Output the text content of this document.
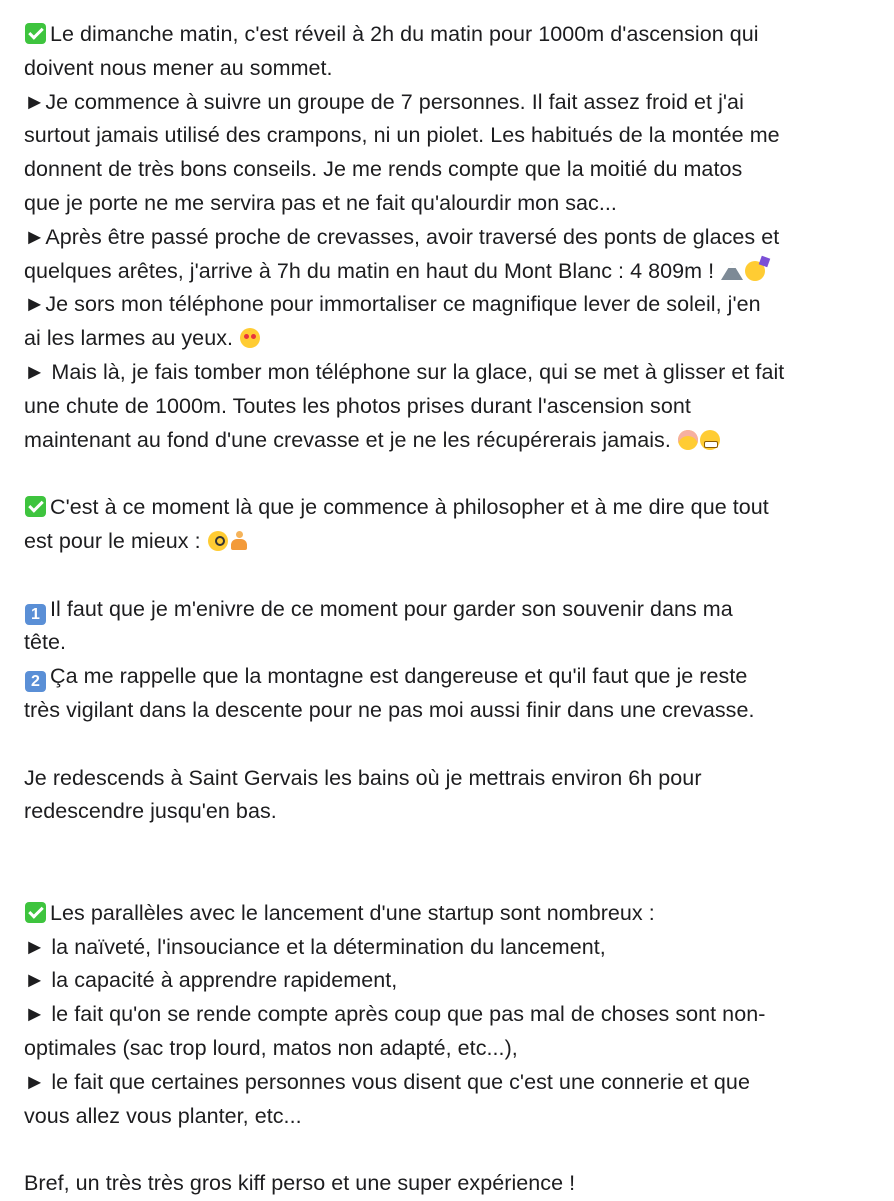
Le dimanche matin, c'est réveil à 2h du matin pour 1000m d'ascension qui
doivent nous mener au sommet.
►Je commence à suivre un groupe de 7 personnes. Il fait assez froid et j'ai
surtout jamais utilisé des crampons, ni un piolet. Les habitués de la montée me
donnent de très bons conseils. Je me rends compte que la moitié du matos
que je porte ne me servira pas et ne fait qu'alourdir mon sac...
►Après être passé proche de crevasses, avoir traversé des ponts de glaces et
quelques arêtes, j'arrive à 7h du matin en haut du Mont Blanc : 4 809m !
►Je sors mon téléphone pour immortaliser ce magnifique lever de soleil, j'en
ai les larmes au yeux.
► Mais là, je fais tomber mon téléphone sur la glace, qui se met à glisser et fait
une chute de 1000m. Toutes les photos prises durant l'ascension sont
maintenant au fond d'une crevasse et je ne les récupérerais jamais.
C'est à ce moment là que je commence à philosopher et à me dire que tout
est pour le mieux :
1 Il faut que je m'enivre de ce moment pour garder son souvenir dans ma
tête.
2 Ça me rappelle que la montagne est dangereuse et qu'il faut que je reste
très vigilant dans la descente pour ne pas moi aussi finir dans une crevasse.
Je redescends à Saint Gervais les bains où je mettrais environ 6h pour
redescendre jusqu'en bas.
Les parallèles avec le lancement d'une startup sont nombreux :
► la naïveté, l'insouciance et la détermination du lancement,
► la capacité à apprendre rapidement,
► le fait qu'on se rende compte après coup que pas mal de choses sont non-
optimales (sac trop lourd, matos non adapté, etc...),
► le fait que certaines personnes vous disent que c'est une connerie et que
vous allez vous planter, etc...
Bref, un très très gros kiff perso et une super expérience !
